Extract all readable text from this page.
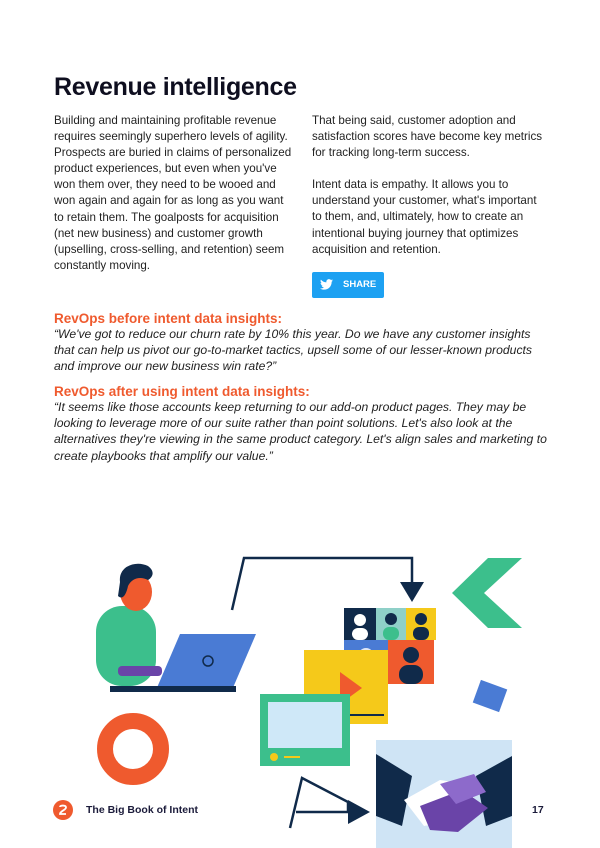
Revenue intelligence

Building and maintaining profitable revenue requires seemingly superhero levels of agility. Prospects are buried in claims of personalized product experiences, but even when you've won them over, they need to be wooed and won again and again for as long as you want to retain them. The goalposts for acquisition (net new business) and customer growth (upselling, cross-selling, and retention) seem constantly moving.

That being said, customer adoption and satisfaction scores have become key metrics for tracking long-term success.

Intent data is empathy. It allows you to understand your customer, what's important to them, and, ultimately, how to create an intentional buying journey that optimizes acquisition and retention.

SHARE

RevOps before intent data insights:

“We've got to reduce our churn rate by 10% this year. Do we have any customer insights that can help us pivot our go-to-market tactics, upsell some of our lesser-known products and improve our new business win rate?”

RevOps after using intent data insights:

“It seems like those accounts keep returning to our add-on product pages. They may be looking to leverage more of our suite rather than point solutions. Let's also look at the alternatives they're viewing in the same product category. Let's align sales and marketing to create playbooks that amplify our value.”

The Big Book of Intent	17
